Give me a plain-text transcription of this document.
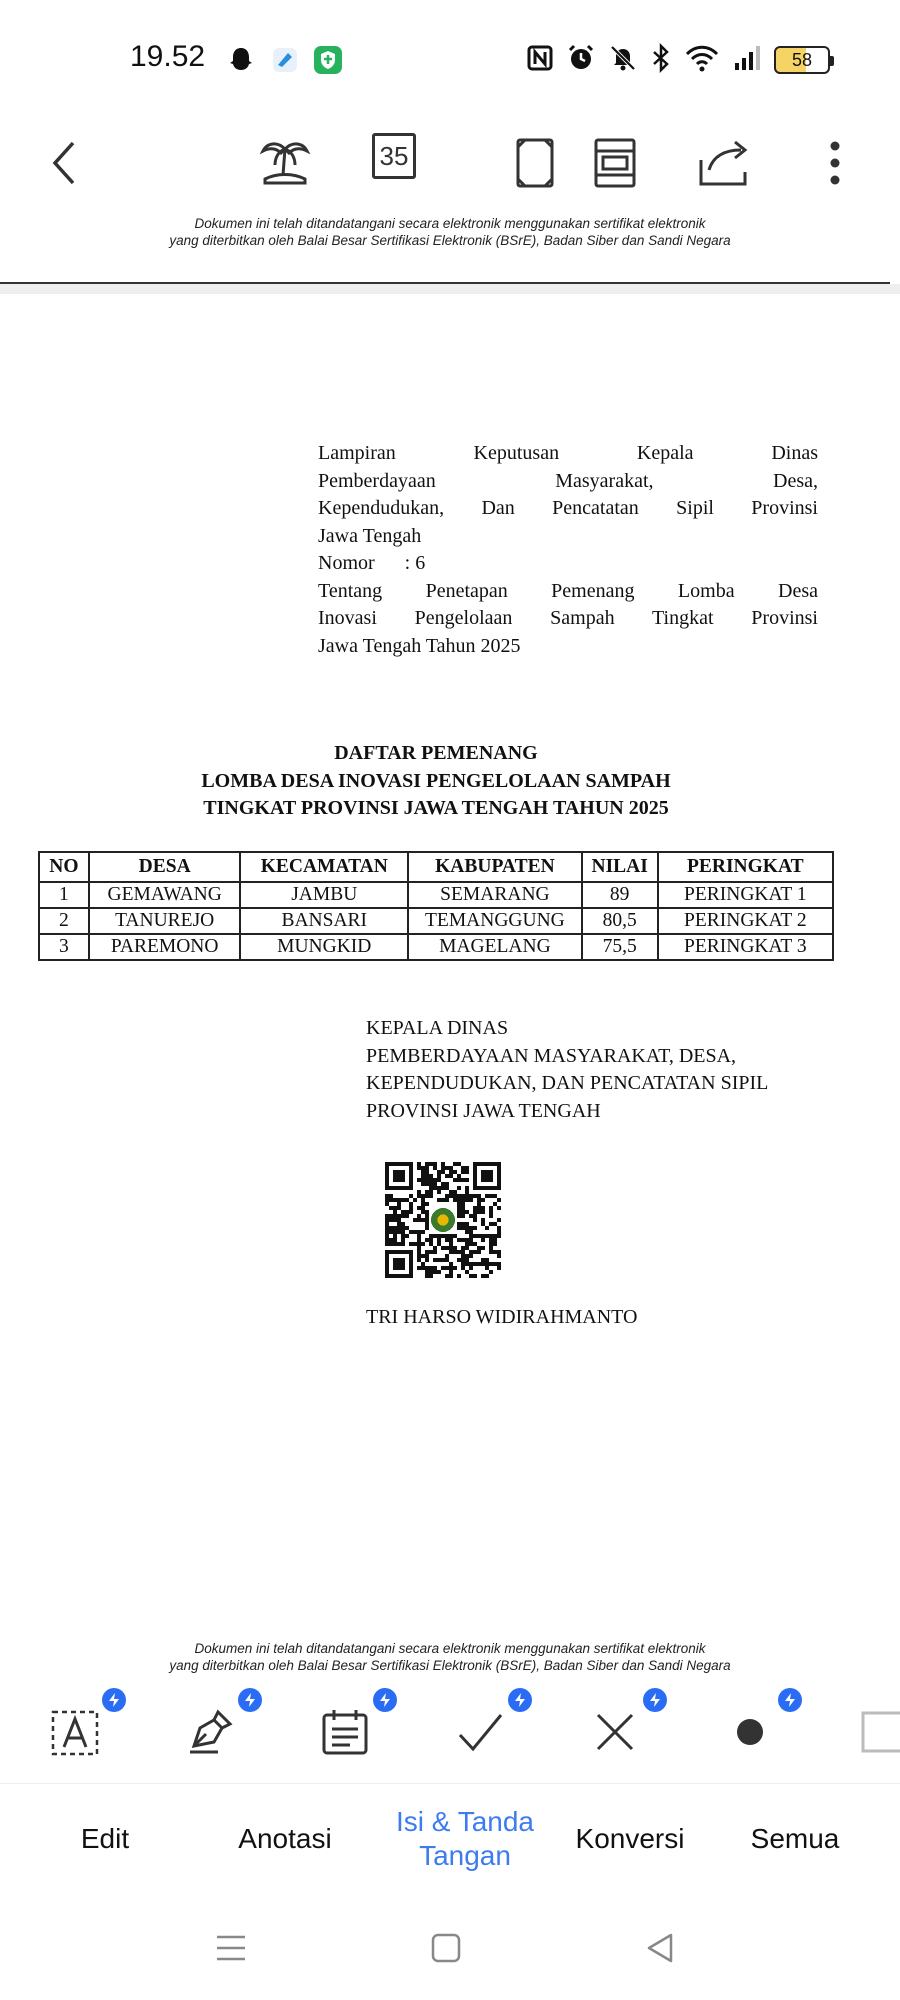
19.52	58
35
Dokumen ini telah ditandatangani secara elektronik menggunakan sertifikat elektronik
yang diterbitkan oleh Balai Besar Sertifikasi Elektronik (BSrE), Badan Siber dan Sandi Negara
Lampiran Keputusan Kepala Dinas
Pemberdayaan Masyarakat, Desa,
Kependudukan, Dan Pencatatan Sipil Provinsi
Jawa Tengah
Nomor      : 6
Tentang Penetapan Pemenang Lomba Desa
Inovasi Pengelolaan Sampah Tingkat Provinsi
Jawa Tengah Tahun 2025
DAFTAR PEMENANG
LOMBA DESA INOVASI PENGELOLAAN SAMPAH
TINGKAT PROVINSI JAWA TENGAH TAHUN 2025
NO	DESA	KECAMATAN	KABUPATEN	NILAI	PERINGKAT
1	GEMAWANG	JAMBU	SEMARANG	89	PERINGKAT 1
2	TANUREJO	BANSARI	TEMANGGUNG	80,5	PERINGKAT 2
3	PAREMONO	MUNGKID	MAGELANG	75,5	PERINGKAT 3
KEPALA DINAS
PEMBERDAYAAN MASYARAKAT, DESA,
KEPENDUDUKAN, DAN PENCATATAN SIPIL
PROVINSI JAWA TENGAH
TRI HARSO WIDIRAHMANTO
Dokumen ini telah ditandatangani secara elektronik menggunakan sertifikat elektronik
yang diterbitkan oleh Balai Besar Sertifikasi Elektronik (BSrE), Badan Siber dan Sandi Negara
Edit	Anotasi
Isi & Tanda
Tangan
Konversi	Semua
